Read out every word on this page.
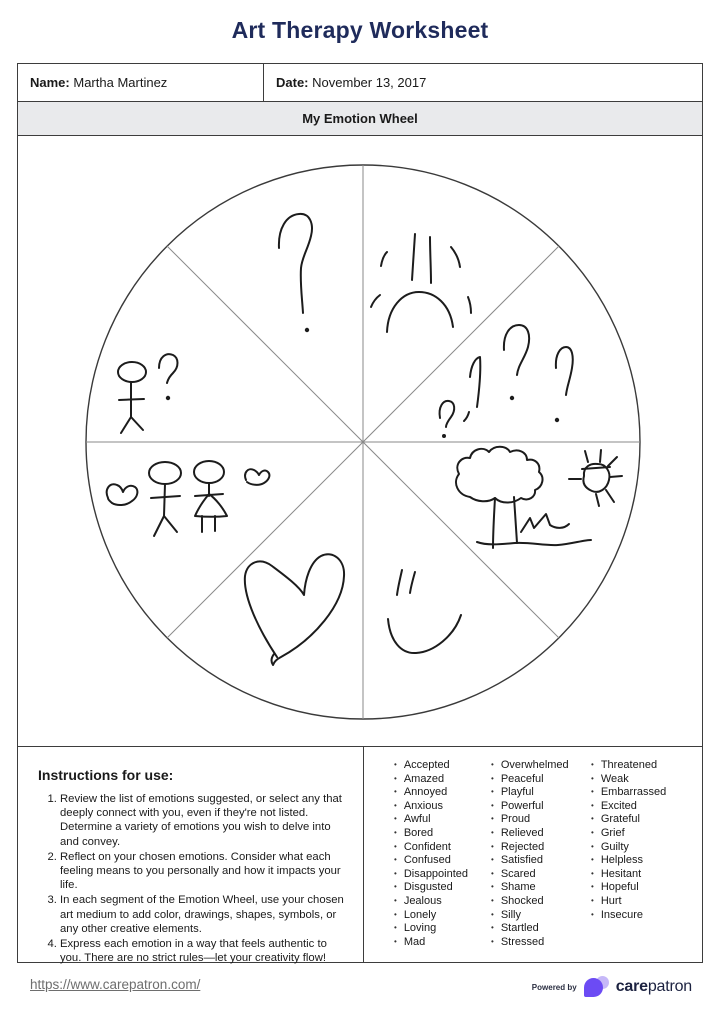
Art Therapy Worksheet
Name: Martha Martinez	Date: November 13, 2017
My Emotion Wheel
Instructions for use:
1. Review the list of emotions suggested, or select any that deeply connect with you, even if they're not listed. Determine a variety of emotions you wish to delve into and convey.
2. Reflect on your chosen emotions. Consider what each feeling means to you personally and how it impacts your life.
3. In each segment of the Emotion Wheel, use your chosen art medium to add color, drawings, shapes, symbols, or any other creative elements.
4. Express each emotion in a way that feels authentic to you. There are no strict rules—let your creativity flow!
• Accepted
• Amazed
• Annoyed
• Anxious
• Awful
• Bored
• Confident
• Confused
• Disappointed
• Disgusted
• Jealous
• Lonely
• Loving
• Mad
• Overwhelmed
• Peaceful
• Playful
• Powerful
• Proud
• Relieved
• Rejected
• Satisfied
• Scared
• Shame
• Shocked
• Silly
• Startled
• Stressed
• Threatened
• Weak
• Embarrassed
• Excited
• Grateful
• Grief
• Guilty
• Helpless
• Hesitant
• Hopeful
• Hurt
• Insecure
https://www.carepatron.com/	Powered by carepatron
